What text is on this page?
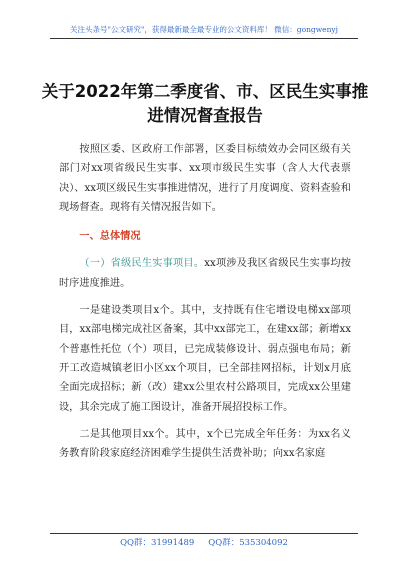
关注头条号"公文研究"，获得最新最全最专业的公文资料库！ 微信：gongwenyj
关于2022年第二季度省、市、区民生实事推进情况督查报告

按照区委、区政府工作部署，区委目标绩效办会同区级有关部门对xx项省级民生实事、xx项市级民生实事（含人大代表票决）、xx项区级民生实事推进情况，进行了月度调度、资料查验和现场督查。现将有关情况报告如下。

一、总体情况

（一）省级民生实事项目。xx项涉及我区省级民生实事均按时序进度推进。

一是建设类项目x个。其中，支持既有住宅增设电梯xx部项目，xx部电梯完成社区备案，其中xx部完工，在建xx部；新增xx个普惠性托位（个）项目，已完成装修设计、弱点强电布局；新开工改造城镇老旧小区xx个项目，已全部挂网招标，计划x月底全面完成招标；新（改）建xx公里农村公路项目，完成xx公里建设，其余完成了施工图设计，准备开展招投标工作。

二是其他项目xx个。其中，x个已完成全年任务：为xx名义务教育阶段家庭经济困难学生提供生活费补助；向xx名家庭

QQ群：31991489 QQ群：535304092
